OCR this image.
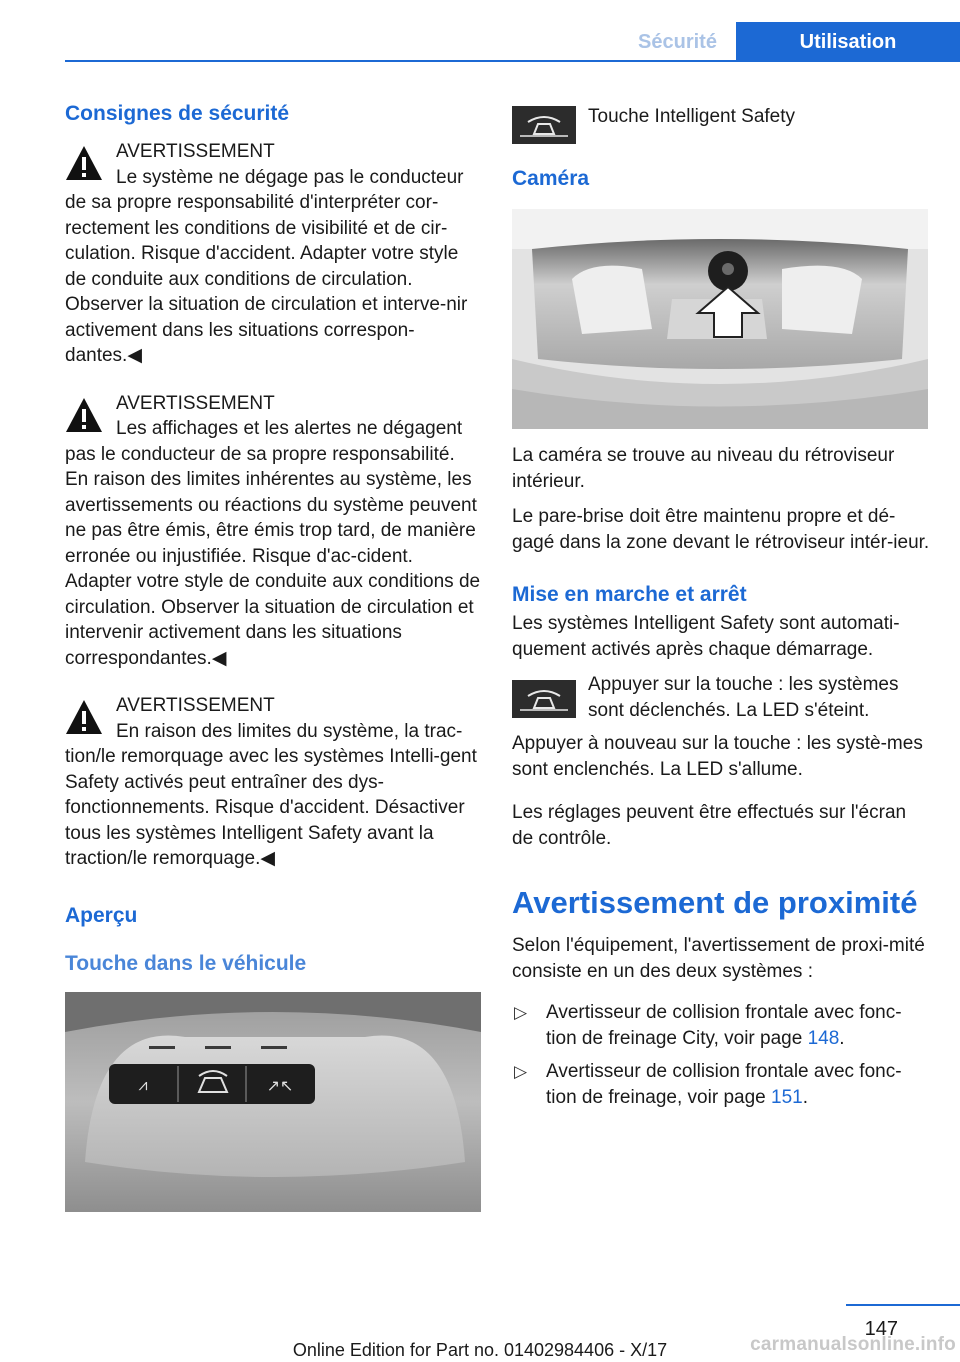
Sécurité	Utilisation
Consignes de sécurité
AVERTISSEMENT
Le système ne dégage pas le conducteur

de sa propre responsabilité d'interpréter cor-rectement les conditions de visibilité et de cir-culation. Risque d'accident. Adapter votre style de conduite aux conditions de circulation. Observer la situation de circulation et interve-nir activement dans les situations correspon-dantes.◀

AVERTISSEMENT
Les affichages et les alertes ne dégagent

pas le conducteur de sa propre responsabilité. En raison des limites inhérentes au système, les avertissements ou réactions du système peuvent ne pas être émis, être émis trop tard, de manière erronée ou injustifiée. Risque d'ac-cident. Adapter votre style de conduite aux conditions de circulation. Observer la situation de circulation et intervenir activement dans les situations correspondantes.◀

AVERTISSEMENT
En raison des limites du système, la trac-

tion/le remorquage avec les systèmes Intelli-gent Safety activés peut entraîner des dys-fonctionnements. Risque d'accident. Désactiver tous les systèmes Intelligent Safety avant la traction/le remorquage.◀

Aperçu
Touche dans le véhicule
⩘	↗↖

Touche Intelligent Safety

Caméra

La caméra se trouve au niveau du rétroviseur intérieur.

Le pare-brise doit être maintenu propre et dé-gagé dans la zone devant le rétroviseur intér-ieur.

Mise en marche et arrêt

Les systèmes Intelligent Safety sont automati-quement activés après chaque démarrage.

Appuyer sur la touche : les systèmes sont déclenchés. La LED s'éteint.

Appuyer à nouveau sur la touche : les systè-mes sont enclenchés. La LED s'allume.

Les réglages peuvent être effectués sur l'écran de contrôle.

Avertissement de proximité

Selon l'équipement, l'avertissement de proxi-mité consiste en un des deux systèmes :

▷ Avertisseur de collision frontale avec fonc-tion de freinage City, voir page 148.
▷ Avertisseur de collision frontale avec fonc-tion de freinage, voir page 151.
147
Online Edition for Part no. 01402984406 - X/17	carmanualsonline.info
